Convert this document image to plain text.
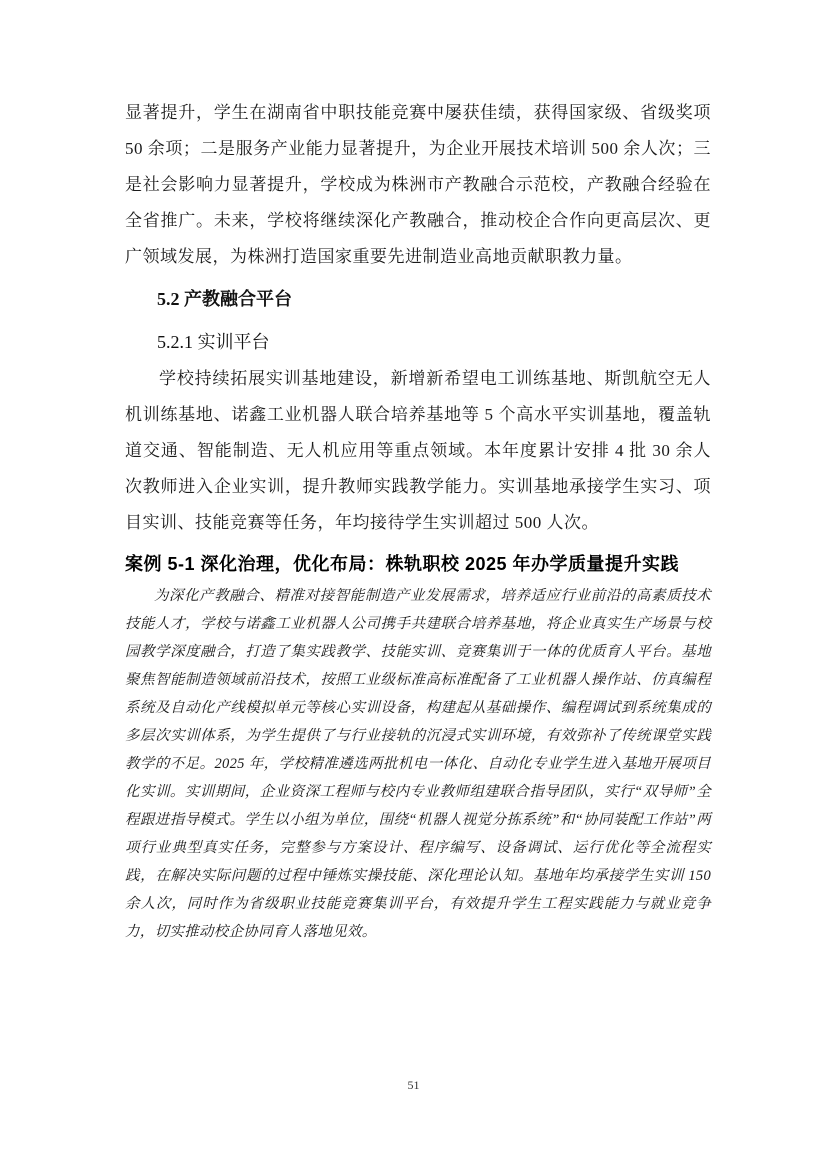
显著提升，学生在湖南省中职技能竞赛中屡获佳绩，获得国家级、省级奖项 50 余项；二是服务产业能力显著提升，为企业开展技术培训 500 余人次；三是社会影响力显著提升，学校成为株洲市产教融合示范校，产教融合经验在全省推广。未来，学校将继续深化产教融合，推动校企合作向更高层次、更广领域发展，为株洲打造国家重要先进制造业高地贡献职教力量。

5.2 产教融合平台
5.2.1 实训平台

学校持续拓展实训基地建设，新增新希望电工训练基地、斯凯航空无人机训练基地、诺鑫工业机器人联合培养基地等 5 个高水平实训基地，覆盖轨道交通、智能制造、无人机应用等重点领域。本年度累计安排 4 批 30 余人次教师进入企业实训，提升教师实践教学能力。实训基地承接学生实习、项目实训、技能竞赛等任务，年均接待学生实训超过 500 人次。

案例 5-1 深化治理，优化布局：株轨职校 2025 年办学质量提升实践

为深化产教融合、精准对接智能制造产业发展需求，培养适应行业前沿的高素质技术技能人才，学校与诺鑫工业机器人公司携手共建联合培养基地，将企业真实生产场景与校园教学深度融合，打造了集实践教学、技能实训、竞赛集训于一体的优质育人平台。基地聚焦智能制造领域前沿技术，按照工业级标准高标准配备了工业机器人操作站、仿真编程系统及自动化产线模拟单元等核心实训设备，构建起从基础操作、编程调试到系统集成的多层次实训体系，为学生提供了与行业接轨的沉浸式实训环境，有效弥补了传统课堂实践教学的不足。2025 年，学校精准遴选两批机电一体化、自动化专业学生进入基地开展项目化实训。实训期间，企业资深工程师与校内专业教师组建联合指导团队，实行“双导师”全程跟进指导模式。学生以小组为单位，围绕“机器人视觉分拣系统”和“协同装配工作站”两项行业典型真实任务，完整参与方案设计、程序编写、设备调试、运行优化等全流程实践，在解决实际问题的过程中锤炼实操技能、深化理论认知。基地年均承接学生实训 150 余人次，同时作为省级职业技能竞赛集训平台，有效提升学生工程实践能力与就业竞争力，切实推动校企协同育人落地见效。

51
